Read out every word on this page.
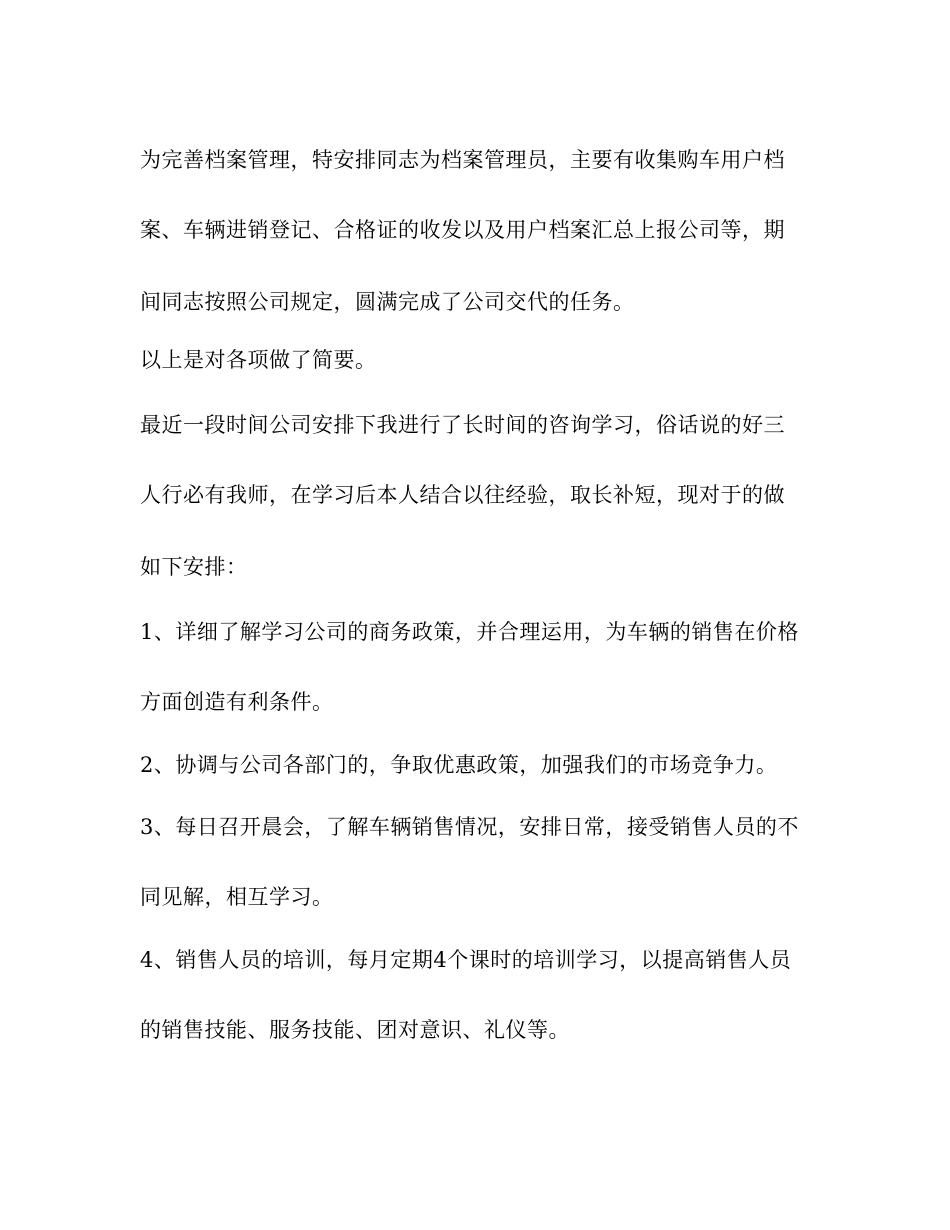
为完善档案管理，特安排同志为档案管理员，主要有收集购车用户档
案、车辆进销登记、合格证的收发以及用户档案汇总上报公司等，期
间同志按照公司规定，圆满完成了公司交代的任务。
以上是对各项做了简要。
最近一段时间公司安排下我进行了长时间的咨询学习，俗话说的好三
人行必有我师，在学习后本人结合以往经验，取长补短，现对于的做
如下安排：
1、详细了解学习公司的商务政策，并合理运用，为车辆的销售在价格
方面创造有利条件。
2、协调与公司各部门的，争取优惠政策，加强我们的市场竞争力。
3、每日召开晨会，了解车辆销售情况，安排日常，接受销售人员的不
同见解，相互学习。
4、销售人员的培训，每月定期4个课时的培训学习，以提高销售人员
的销售技能、服务技能、团对意识、礼仪等。
